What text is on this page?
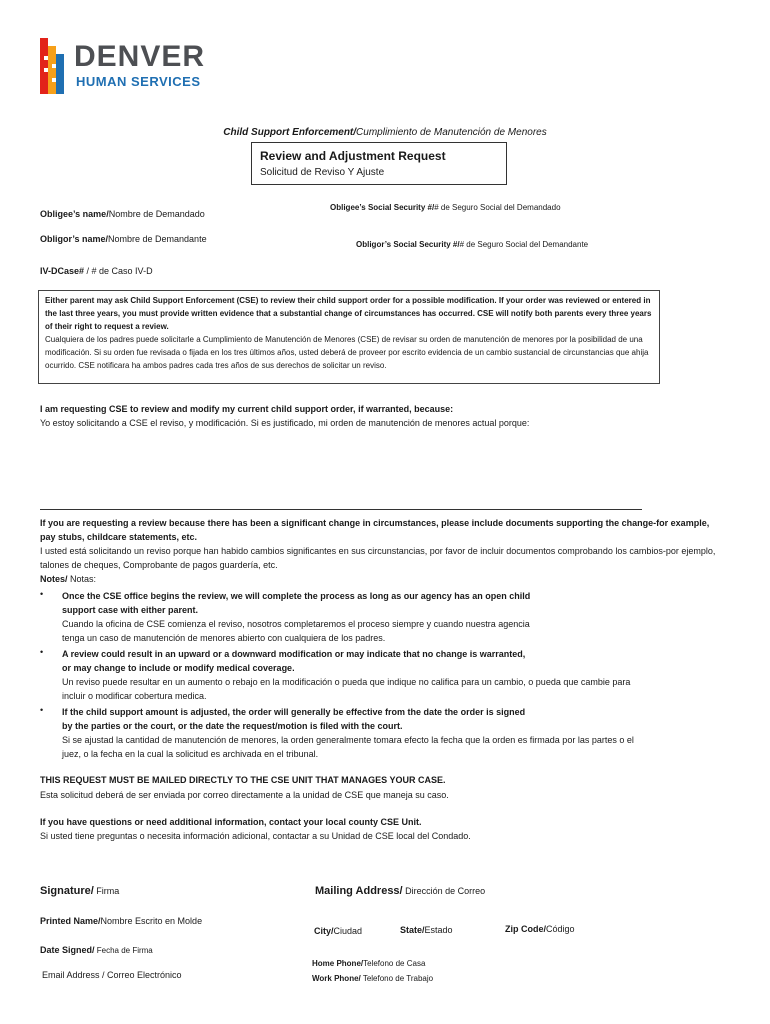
DENVER
HUMAN SERVICES
Child Support Enforcement/Cumplimiento de Manutención de Menores
Review and Adjustment Request
Solicitud de Reviso Y Ajuste
Obligee’s name/Nombre de Demandado
Obligor’s name/Nombre de Demandante
IV-DCase# / # de Caso IV-D
Obligee’s Social Security #/# de Seguro Social del Demandado
Obligor’s Social Security #/# de Seguro Social del Demandante
Either parent may ask Child Support Enforcement (CSE) to review their child support order for a possible modification. If your order was reviewed or entered in the last three years, you must provide written evidence that a substantial change of circumstances has occurred. CSE will notify both parents every three years of their right to request a review.
Cualquiera de los padres puede solicitarle a Cumplimiento de Manutención de Menores (CSE) de revisar su orden de manutención de menores por la posibilidad de una modificación. Si su orden fue revisada o fijada en los tres últimos años, usted deberá de proveer por escrito evidencia de un cambio sustancial de circunstancias que ahija ocurrido. CSE notificara ha ambos padres cada tres años de sus derechos de solicitar un reviso.
I am requesting CSE to review and modify my current child support order, if warranted, because:
Yo estoy solicitando a CSE el reviso, y modificación. Si es justificado, mi orden de manutención de menores actual porque:
If you are requesting a review because there has been a significant change in circumstances, please include documents supporting the change-for example, pay stubs, childcare statements, etc.
I usted está solicitando un reviso porque han habido cambios significantes en sus circunstancias, por favor de incluir documentos comprobando los cambios-por ejemplo, talones de cheques, Comprobante de pagos guardería, etc.
Notes/ Notas:
• Once the CSE office begins the review, we will complete the process as long as our agency has an open child
support case with either parent.
Cuando la oficina de CSE comienza el reviso, nosotros completaremos el proceso siempre y cuando nuestra agencia
tenga un caso de manutención de menores abierto con cualquiera de los padres.
• A review could result in an upward or a downward modification or may indicate that no change is warranted,
or may change to include or modify medical coverage.
Un reviso puede resultar en un aumento o rebajo en la modificación o pueda que indique no califica para un cambio, o pueda que cambie para
incluir o modificar cobertura medica.
• If the child support amount is adjusted, the order will generally be effective from the date the order is signed
by the parties or the court, or the date the request/motion is filed with the court.
Si se ajustad la cantidad de manutención de menores, la orden generalmente tomara efecto la fecha que la orden es firmada por las partes o el
juez, o la fecha en la cual la solicitud es archivada en el tribunal.
THIS REQUEST MUST BE MAILED DIRECTLY TO THE CSE UNIT THAT MANAGES YOUR CASE.
Esta solicitud deberá de ser enviada por correo directamente a la unidad de CSE que maneja su caso.
If you have questions or need additional information, contact your local county CSE Unit.
Si usted tiene preguntas o necesita información adicional, contactar a su Unidad de CSE local del Condado.
Signature/ Firma	Mailing Address/ Dirección de Correo
Printed Name/Nombre Escrito en Molde
City/Ciudad	State/Estado	Zip Code/Código
Date Signed/ Fecha de Firma
Home Phone/Telefono de Casa
Email Address / Correo Electrónico	Work Phone/ Telefono de Trabajo
